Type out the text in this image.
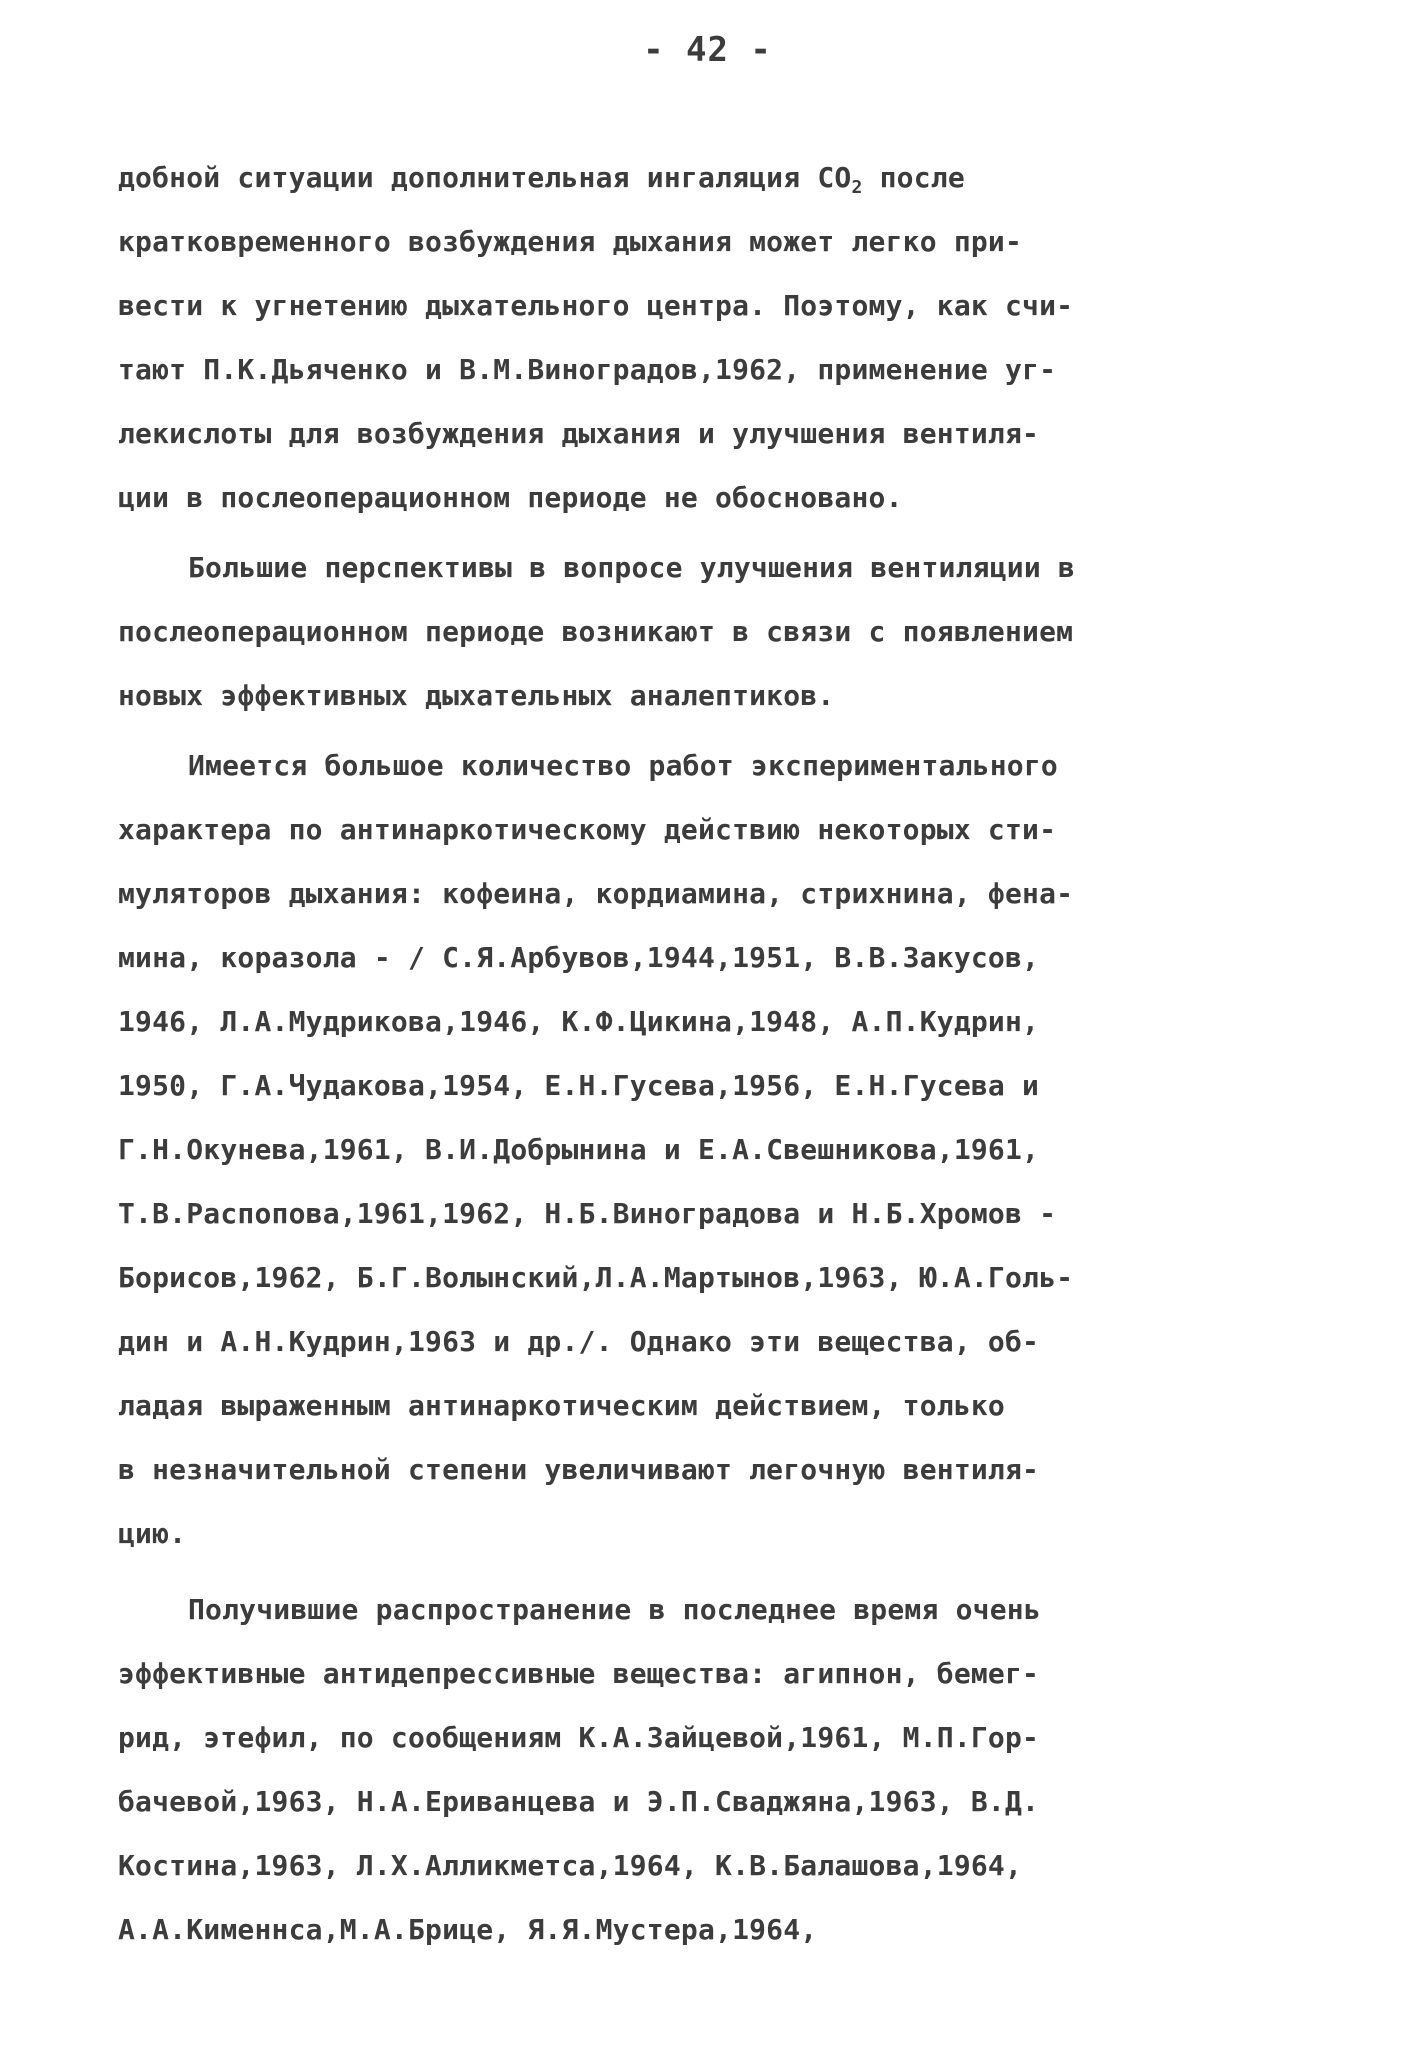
- 42 -
добной ситуации дополнительная ингаляция $СО_2$ после
кратковременного возбуждения дыхания может легко при-
вести к угнетению дыхательного центра. Поэтому, как счи-
тают П.К.Дьяченко и В.М.Виноградов,1962, применение уг-
лекислоты для возбуждения дыхания и улучшения вентиля-
ции в послеоперационном периоде не обосновано.
Большие перспективы в вопросе улучшения вентиляции в
послеоперационном периоде возникают в связи с появлением
новых эффективных дыхательных аналептиков.
Имеется большое количество работ экспериментального
характера по антинаркотическому действию некоторых сти-
муляторов дыхания: кофеина, кордиамина, стрихнина, фена-
мина, коразола - / С.Я.Арбувов,1944,1951, В.В.Закусов,
1946, Л.А.Мудрикова,1946, К.Ф.Цикина,1948, А.П.Кудрин,
1950, Г.А.Чудакова,1954, Е.Н.Гусева,1956, Е.Н.Гусева и
Г.Н.Окунева,1961, В.И.Добрынина и Е.А.Свешникова,1961,
Т.В.Распопова,1961,1962, Н.Б.Виноградова и Н.Б.Хромов -
Борисов,1962, Б.Г.Волынский,Л.А.Мартынов,1963, Ю.А.Голь-
дин и А.Н.Кудрин,1963 и др./. Однако эти вещества, об-
ладая выраженным антинаркотическим действием, только
в незначительной степени увеличивают легочную вентиля-
цию.
Получившие распространение в последнее время очень
эффективные антидепрессивные вещества: агипнон, бемег-
рид, этефил, по сообщениям К.А.Зайцевой,1961, М.П.Гор-
бачевой,1963, Н.А.Ериванцева и Э.П.Сваджяна,1963, В.Д.
Костина,1963, Л.Х.Алликметса,1964, К.В.Балашова,1964,
А.А.Кименнса,М.А.Брице, Я.Я.Мустера,1964,
